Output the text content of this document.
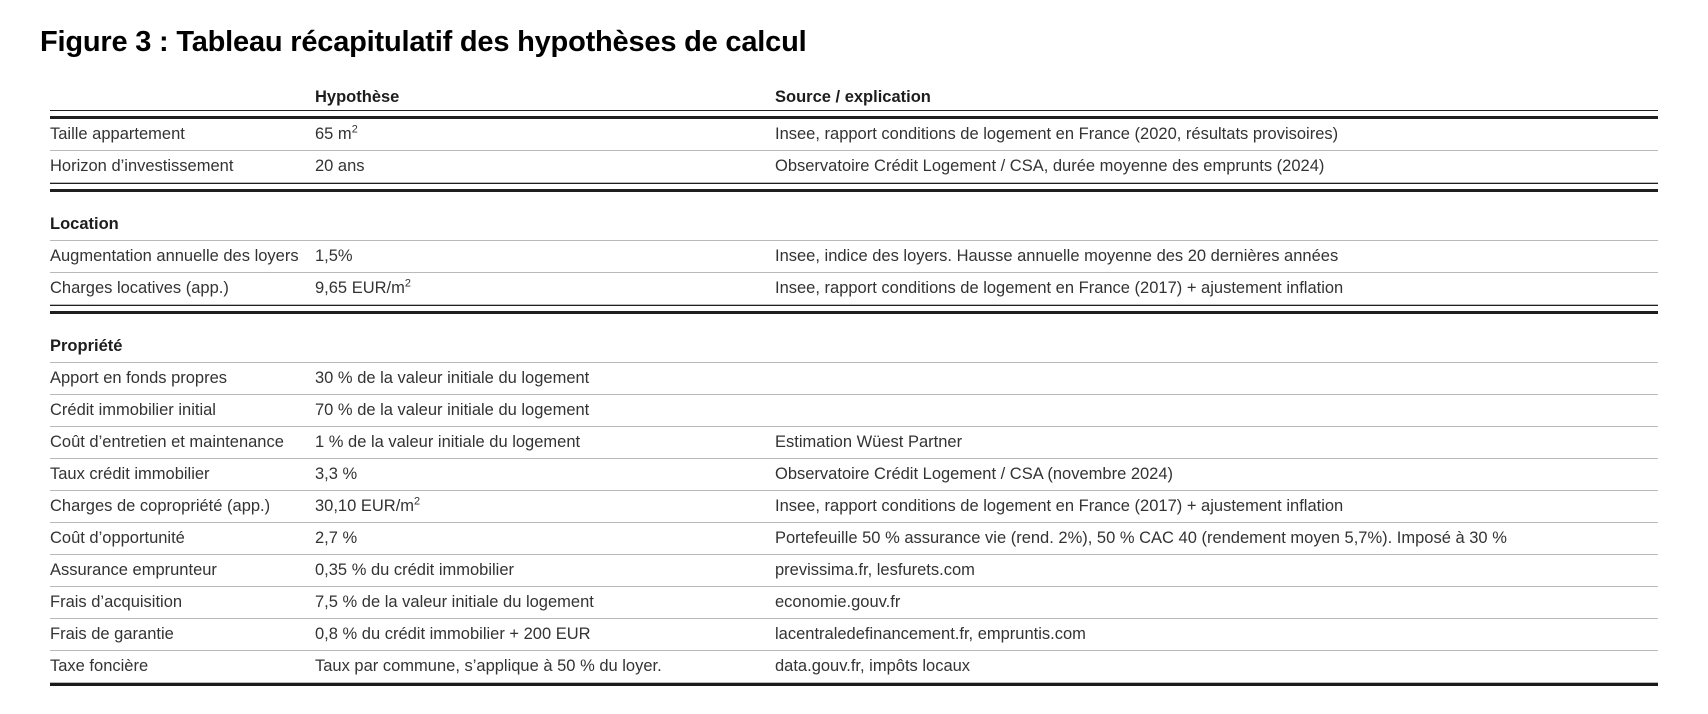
Figure 3 : Tableau récapitulatif des hypothèses de calcul
	Hypothèse	Source / explication

Taille appartement	65 $m^2$	Insee, rapport conditions de logement en France (2020, résultats provisoires)
Horizon d’investissement	20 ans	Observatoire Crédit Logement / CSA, durée moyenne des emprunts (2024)

Location		
Augmentation annuelle des loyers	1,5%	Insee, indice des loyers. Hausse annuelle moyenne des 20 dernières années
Charges locatives (app.)	9,65 EUR/$m^2$	Insee, rapport conditions de logement en France (2017) + ajustement inflation

Propriété		
Apport en fonds propres	30 % de la valeur initiale du logement	
Crédit immobilier initial	70 % de la valeur initiale du logement	
Coût d’entretien et maintenance	1 % de la valeur initiale du logement	Estimation Wüest Partner
Taux crédit immobilier	3,3 %	Observatoire Crédit Logement / CSA (novembre 2024)
Charges de copropriété (app.)	30,10 EUR/$m^2$	Insee, rapport conditions de logement en France (2017) + ajustement inflation
Coût d’opportunité	2,7 %	Portefeuille 50 % assurance vie (rend. 2%), 50 % CAC 40 (rendement moyen 5,7%). Imposé à 30 %
Assurance emprunteur	0,35 % du crédit immobilier	previssima.fr, lesfurets.com
Frais d’acquisition	7,5 % de la valeur initiale du logement	economie.gouv.fr
Frais de garantie	0,8 % du crédit immobilier + 200 EUR	lacentraledefinancement.fr, empruntis.com
Taxe foncière	Taux par commune, s’applique à 50 % du loyer.	data.gouv.fr, impôts locaux
